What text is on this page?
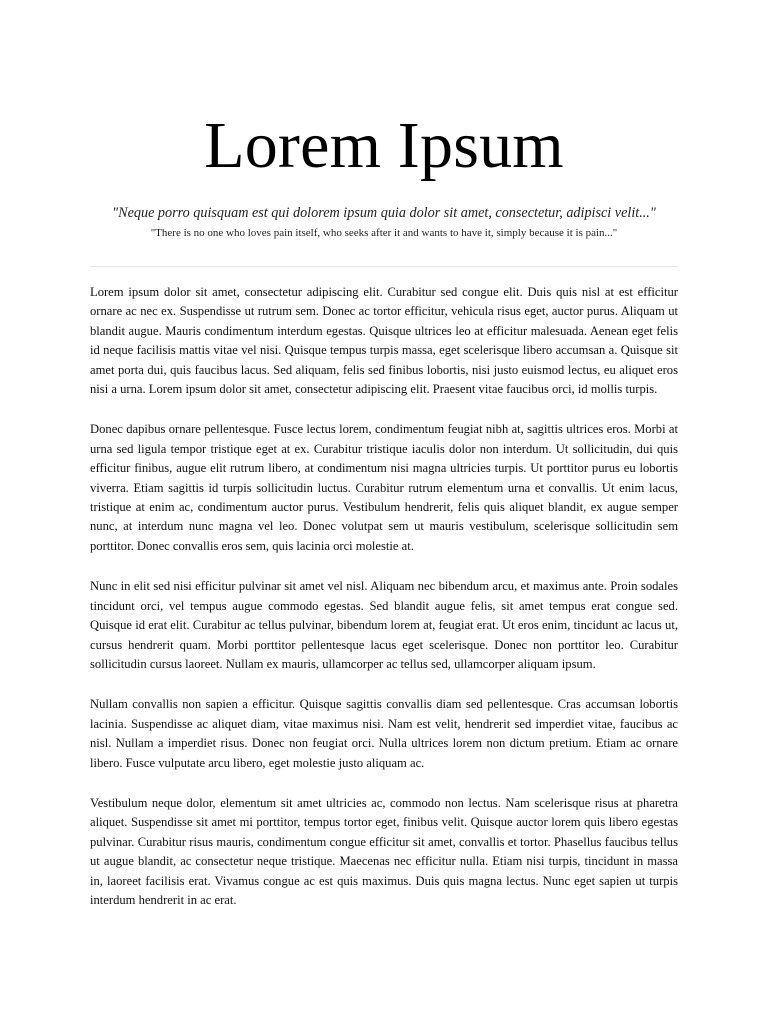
Lorem Ipsum

"Neque porro quisquam est qui dolorem ipsum quia dolor sit amet, consectetur, adipisci velit..."

"There is no one who loves pain itself, who seeks after it and wants to have it, simply because it is pain..."

Lorem ipsum dolor sit amet, consectetur adipiscing elit. Curabitur sed congue elit. Duis quis nisl at est efficitur ornare ac nec ex. Suspendisse ut rutrum sem. Donec ac tortor efficitur, vehicula risus eget, auctor purus. Aliquam ut blandit augue. Mauris condimentum interdum egestas. Quisque ultrices leo at efficitur malesuada. Aenean eget felis id neque facilisis mattis vitae vel nisi. Quisque tempus turpis massa, eget scelerisque libero accumsan a. Quisque sit amet porta dui, quis faucibus lacus. Sed aliquam, felis sed finibus lobortis, nisi justo euismod lectus, eu aliquet eros nisi a urna. Lorem ipsum dolor sit amet, consectetur adipiscing elit. Praesent vitae faucibus orci, id mollis turpis.

Donec dapibus ornare pellentesque. Fusce lectus lorem, condimentum feugiat nibh at, sagittis ultrices eros. Morbi at urna sed ligula tempor tristique eget at ex. Curabitur tristique iaculis dolor non interdum. Ut sollicitudin, dui quis efficitur finibus, augue elit rutrum libero, at condimentum nisi magna ultricies turpis. Ut porttitor purus eu lobortis viverra. Etiam sagittis id turpis sollicitudin luctus. Curabitur rutrum elementum urna et convallis. Ut enim lacus, tristique at enim ac, condimentum auctor purus. Vestibulum hendrerit, felis quis aliquet blandit, ex augue semper nunc, at interdum nunc magna vel leo. Donec volutpat sem ut mauris vestibulum, scelerisque sollicitudin sem porttitor. Donec convallis eros sem, quis lacinia orci molestie at.

Nunc in elit sed nisi efficitur pulvinar sit amet vel nisl. Aliquam nec bibendum arcu, et maximus ante. Proin sodales tincidunt orci, vel tempus augue commodo egestas. Sed blandit augue felis, sit amet tempus erat congue sed. Quisque id erat elit. Curabitur ac tellus pulvinar, bibendum lorem at, feugiat erat. Ut eros enim, tincidunt ac lacus ut, cursus hendrerit quam. Morbi porttitor pellentesque lacus eget scelerisque. Donec non porttitor leo. Curabitur sollicitudin cursus laoreet. Nullam ex mauris, ullamcorper ac tellus sed, ullamcorper aliquam ipsum.

Nullam convallis non sapien a efficitur. Quisque sagittis convallis diam sed pellentesque. Cras accumsan lobortis lacinia. Suspendisse ac aliquet diam, vitae maximus nisi. Nam est velit, hendrerit sed imperdiet vitae, faucibus ac nisl. Nullam a imperdiet risus. Donec non feugiat orci. Nulla ultrices lorem non dictum pretium. Etiam ac ornare libero. Fusce vulputate arcu libero, eget molestie justo aliquam ac.

Vestibulum neque dolor, elementum sit amet ultricies ac, commodo non lectus. Nam scelerisque risus at pharetra aliquet. Suspendisse sit amet mi porttitor, tempus tortor eget, finibus velit. Quisque auctor lorem quis libero egestas pulvinar. Curabitur risus mauris, condimentum congue efficitur sit amet, convallis et tortor. Phasellus faucibus tellus ut augue blandit, ac consectetur neque tristique. Maecenas nec efficitur nulla. Etiam nisi turpis, tincidunt in massa in, laoreet facilisis erat. Vivamus congue ac est quis maximus. Duis quis magna lectus. Nunc eget sapien ut turpis interdum hendrerit in ac erat.
